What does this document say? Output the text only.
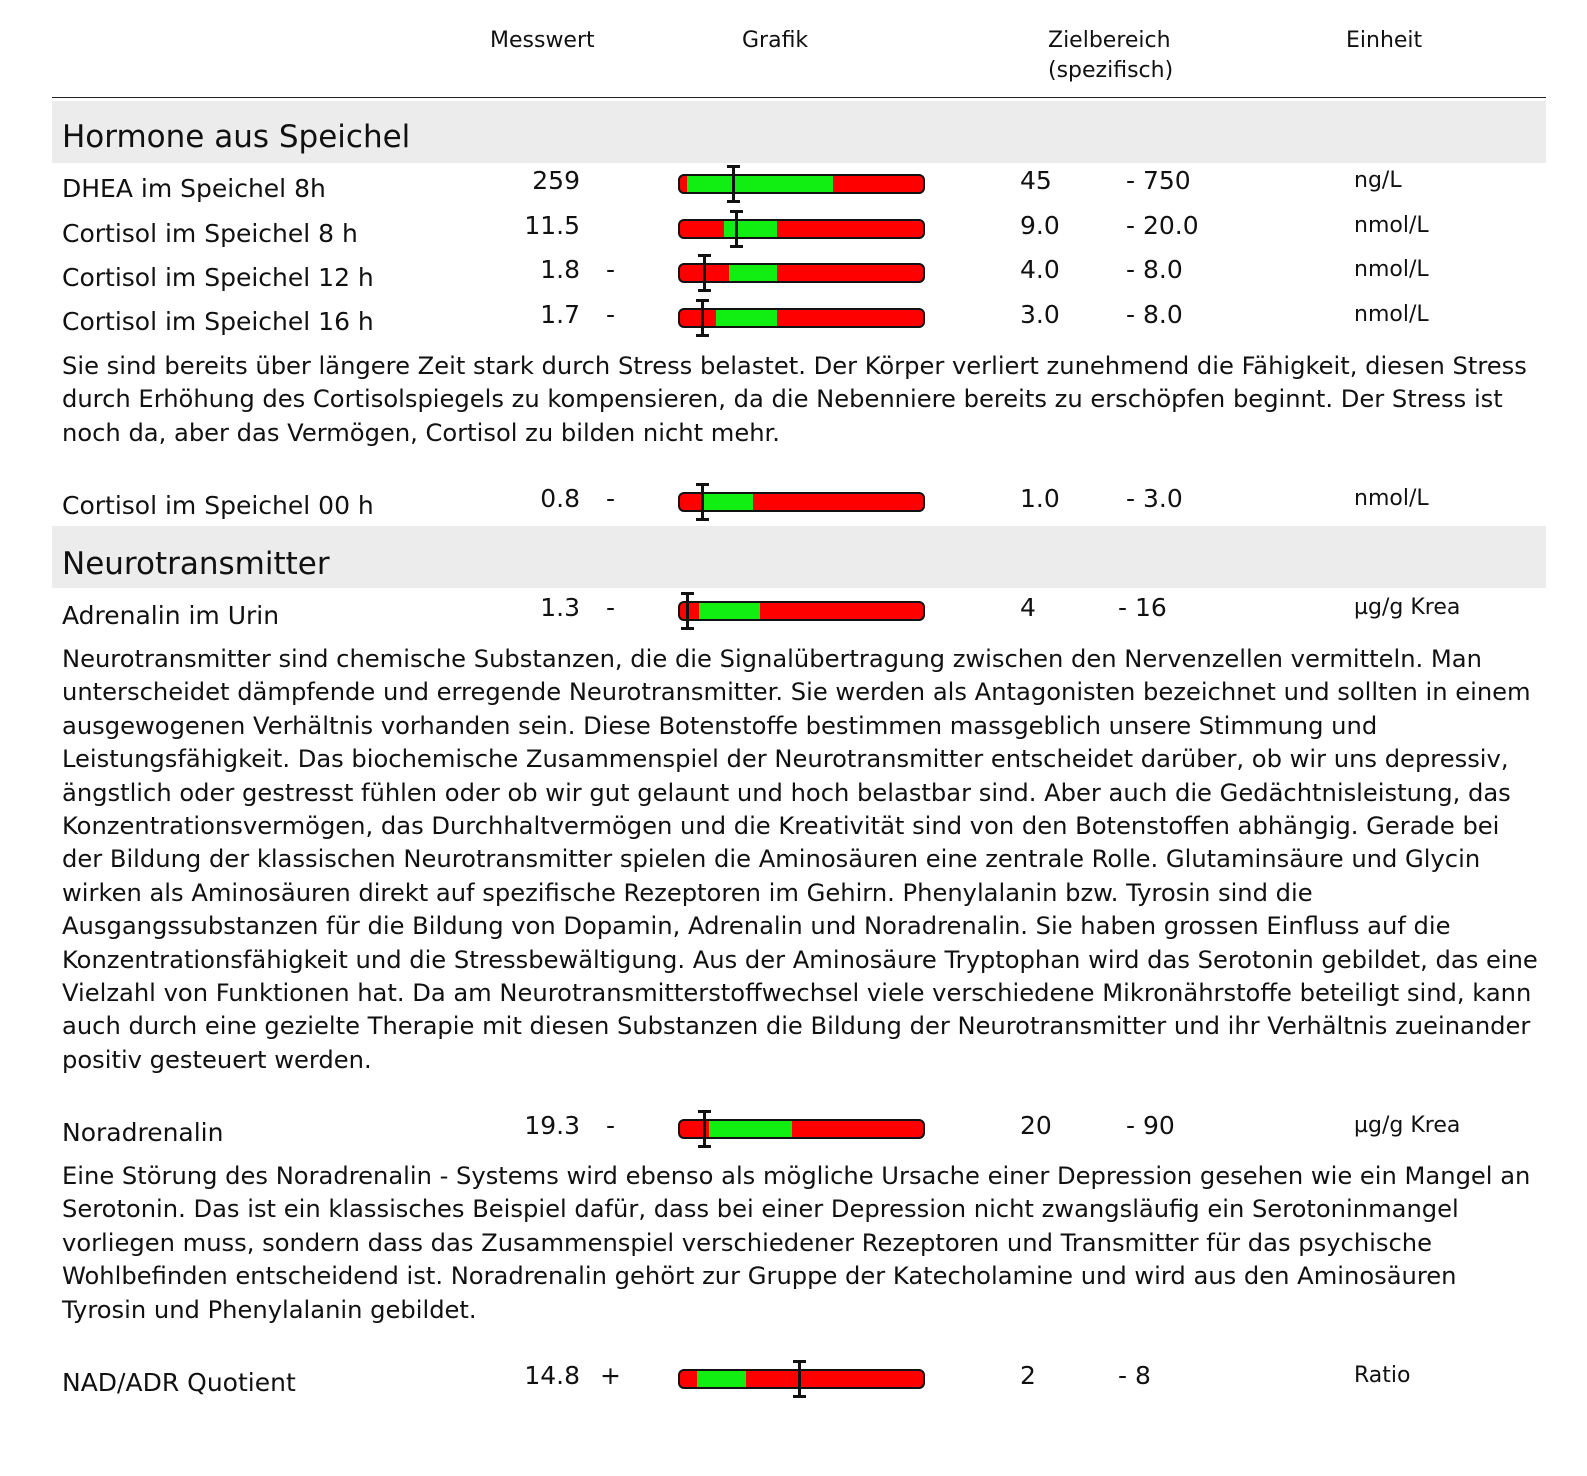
Messwert	Grafik	Zielbereich
(spezifisch)
Einheit
Hormone aus Speichel
DHEA im Speichel 8h	259	45	- 750	ng/L
Cortisol im Speichel 8 h	11.5	9.0	- 20.0	nmol/L
Cortisol im Speichel 12 h	1.8 -	4.0	- 8.0	nmol/L
Cortisol im Speichel 16 h	1.7 -	3.0	- 8.0	nmol/L
Sie sind bereits über längere Zeit stark durch Stress belastet. Der Körper verliert zunehmend die Fähigkeit, diesen Stress
durch Erhöhung des Cortisolspiegels zu kompensieren, da die Nebenniere bereits zu erschöpfen beginnt. Der Stress ist
noch da, aber das Vermögen, Cortisol zu bilden nicht mehr.
Cortisol im Speichel 00 h	0.8 -	1.0	- 3.0	nmol/L
Neurotransmitter
Adrenalin im Urin	1.3 -	4	- 16	µg/g Krea
Neurotransmitter sind chemische Substanzen, die die Signalübertragung zwischen den Nervenzellen vermitteln. Man
unterscheidet dämpfende und erregende Neurotransmitter. Sie werden als Antagonisten bezeichnet und sollten in einem
ausgewogenen Verhältnis vorhanden sein. Diese Botenstoffe bestimmen massgeblich unsere Stimmung und
Leistungsfähigkeit. Das biochemische Zusammenspiel der Neurotransmitter entscheidet darüber, ob wir uns depressiv,
ängstlich oder gestresst fühlen oder ob wir gut gelaunt und hoch belastbar sind. Aber auch die Gedächtnisleistung, das
Konzentrationsvermögen, das Durchhaltvermögen und die Kreativität sind von den Botenstoffen abhängig. Gerade bei
der Bildung der klassischen Neurotransmitter spielen die Aminosäuren eine zentrale Rolle. Glutaminsäure und Glycin
wirken als Aminosäuren direkt auf spezifische Rezeptoren im Gehirn. Phenylalanin bzw. Tyrosin sind die
Ausgangssubstanzen für die Bildung von Dopamin, Adrenalin und Noradrenalin. Sie haben grossen Einfluss auf die
Konzentrationsfähigkeit und die Stressbewältigung. Aus der Aminosäure Tryptophan wird das Serotonin gebildet, das eine
Vielzahl von Funktionen hat. Da am Neurotransmitterstoffwechsel viele verschiedene Mikronährstoffe beteiligt sind, kann
auch durch eine gezielte Therapie mit diesen Substanzen die Bildung der Neurotransmitter und ihr Verhältnis zueinander
positiv gesteuert werden.
Noradrenalin	19.3 -	20	- 90	µg/g Krea
Eine Störung des Noradrenalin - Systems wird ebenso als mögliche Ursache einer Depression gesehen wie ein Mangel an
Serotonin. Das ist ein klassisches Beispiel dafür, dass bei einer Depression nicht zwangsläufig ein Serotoninmangel
vorliegen muss, sondern dass das Zusammenspiel verschiedener Rezeptoren und Transmitter für das psychische
Wohlbefinden entscheidend ist. Noradrenalin gehört zur Gruppe der Katecholamine und wird aus den Aminosäuren
Tyrosin und Phenylalanin gebildet.
NAD/ADR Quotient	14.8 +	2	- 8	Ratio
